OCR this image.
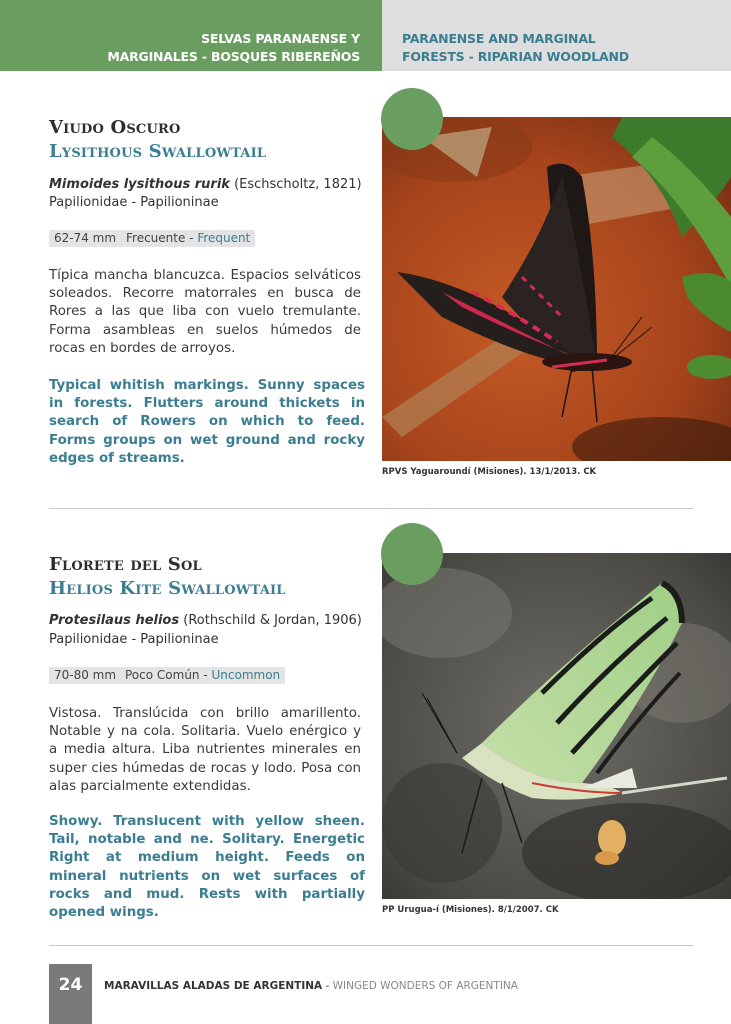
SELVAS PARANAENSE Y
MARGINALES - BOSQUES RIBEREÑOS
PARANENSE AND MARGINAL
FORESTS - RIPARIAN WOODLAND
Viudo Oscuro
Lysithous Swallowtail
Mimoides lysithous rurik (Eschscholtz, 1821)
Papilionidae - Papilioninae
62-74 mm Frecuente - Frequent

Típica mancha blancuzca. Espacios selváticos soleados. Recorre matorrales en busca de Rores a las que liba con vuelo tremulante. Forma asambleas en suelos húmedos de rocas en bordes de arroyos.

Typical whitish markings. Sunny spaces in forests. Flutters around thickets in search of Rowers on which to feed. Forms groups on wet ground and rocky edges of streams.

RPVS Yaguaroundí (Misiones). 13/1/2013. CK
Florete del Sol
Helios Kite Swallowtail
Protesilaus helios (Rothschild & Jordan, 1906)
Papilionidae - Papilioninae
70-80 mm Poco Común - Uncommon

Vistosa. Translúcida con brillo amarillento. Notable y na cola. Solitaria. Vuelo enérgico y a media altura. Liba nutrientes minerales en super cies húmedas de rocas y lodo. Posa con alas parcialmente extendidas.

Showy. Translucent with yellow sheen. Tail, notable and ne. Solitary. Energetic Right at medium height. Feeds on mineral nutrients on wet surfaces of rocks and mud. Rests with partially opened wings.	PP Urugua-í (Misiones). 8/1/2007. CK
24	MARAVILLAS ALADAS DE ARGENTINA - WINGED WONDERS OF ARGENTINA
